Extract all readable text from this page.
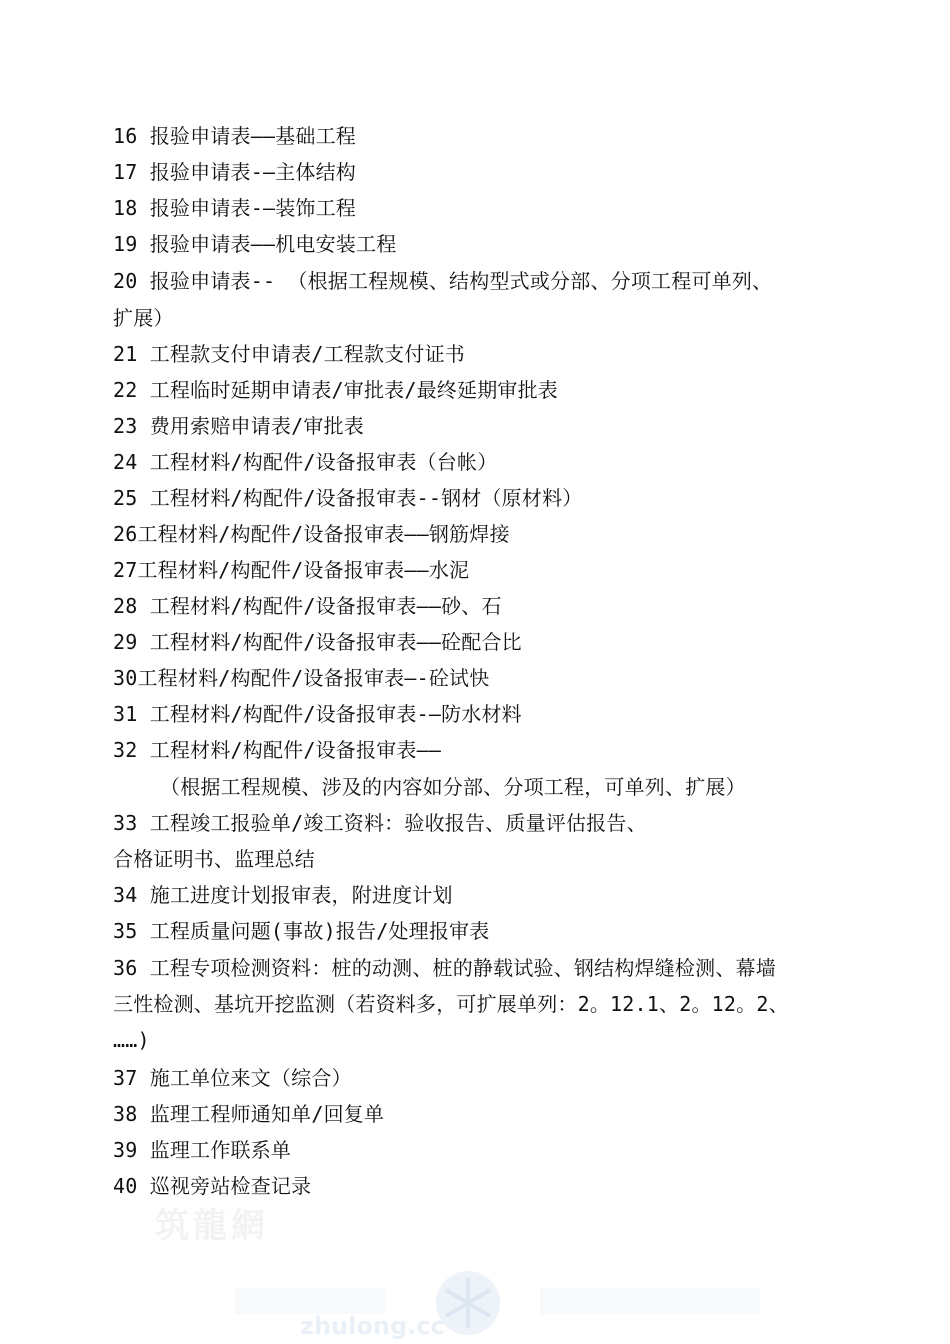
16 报验申请表——基础工程
17 报验申请表-—主体结构
18 报验申请表-—装饰工程
19 报验申请表——机电安装工程
20 报验申请表-- （根据工程规模、结构型式或分部、分项工程可单列、
扩展）
21 工程款支付申请表/工程款支付证书
22 工程临时延期申请表/审批表/最终延期审批表
23 费用索赔申请表/审批表
24 工程材料/构配件/设备报审表（台帐）
25 工程材料/构配件/设备报审表--钢材（原材料）
26工程材料/构配件/设备报审表——钢筋焊接
27工程材料/构配件/设备报审表——水泥
28 工程材料/构配件/设备报审表——砂、石
29 工程材料/构配件/设备报审表——砼配合比
30工程材料/构配件/设备报审表—-砼试快
31 工程材料/构配件/设备报审表-—防水材料
32 工程材料/构配件/设备报审表——
（根据工程规模、涉及的内容如分部、分项工程，可单列、扩展）
33 工程竣工报验单/竣工资料：验收报告、质量评估报告、
合格证明书、监理总结
34 施工进度计划报审表，附进度计划
35 工程质量问题(事故)报告/处理报审表
36 工程专项检测资料：桩的动测、桩的静载试验、钢结构焊缝检测、幕墙
三性检测、基坑开挖监测（若资料多，可扩展单列：2。12.1、2。12。2、
……)
37 施工单位来文（综合）
38 监理工程师通知单/回复单
39 监理工作联系单
40 巡视旁站检查记录
筑龍網
zhulong.cc
